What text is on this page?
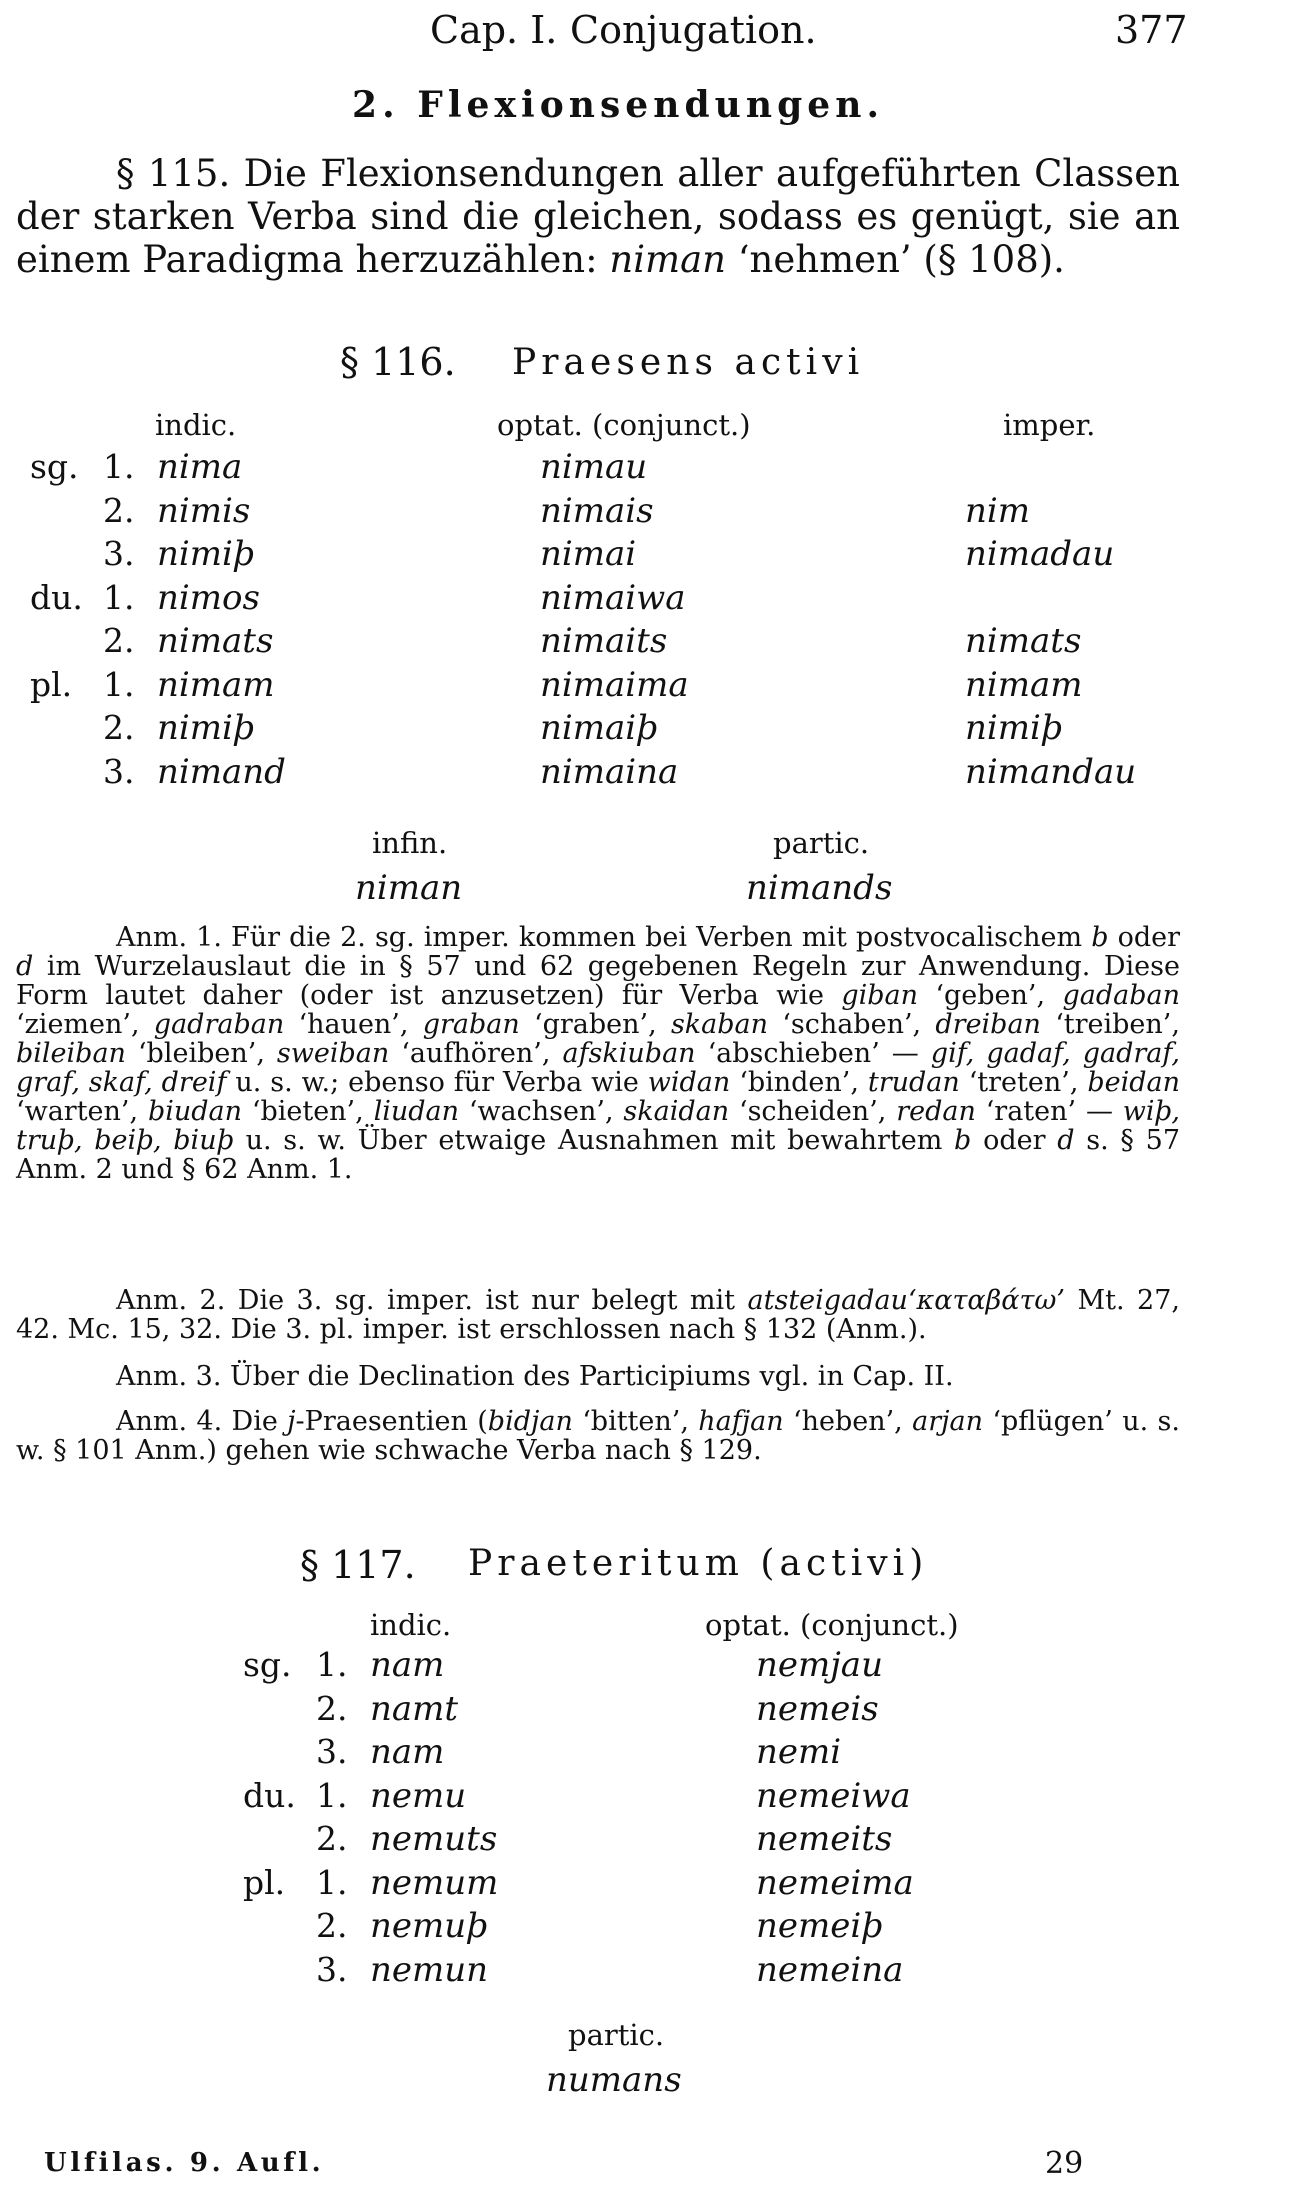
Cap. I. Conjugation.	377
2. Flexionsendungen.
§ 115. Die Flexionsendungen aller aufgeführten Classen der starken Verba sind die gleichen, sodass es genügt, sie an einem Paradigma herzuzählen: niman ‘nehmen’ (§ 108).
§ 116. Praesens activi
indic.	optat. (conjunct.)	imper.
sg. 1. nima	nimau
2. nimis	nimais	nim
3. nimiþ	nimai	nimadau
du. 1. nimos	nimaiwa
2. nimats	nimaits	nimats
pl. 1. nimam	nimaima	nimam
2. nimiþ	nimaiþ	nimiþ
3. nimand	nimaina	nimandau
infin.
niman
partic.
nimands
Anm. 1. Für die 2. sg. imper. kommen bei Verben mit postvocalischem b oder d im Wurzelauslaut die in § 57 und 62 gegebenen Regeln zur Anwendung. Diese Form lautet daher (oder ist anzusetzen) für Verba wie giban ‘geben’, gadaban ‘ziemen’, gadraban ‘hauen’, graban ‘graben’, skaban ‘schaben’, dreiban ‘treiben’, bileiban ‘bleiben’, sweiban ‘aufhören’, afskiuban ‘abschieben’ — gif, gadaf, gadraf, graf, skaf, dreif u. s. w.; ebenso für Verba wie widan ‘binden’, trudan ‘treten’, beidan ‘warten’, biudan ‘bieten’, liudan ‘wachsen’, skaidan ‘scheiden’, redan ‘raten’ — wiþ, truþ, beiþ, biuþ u. s. w. Über etwaige Ausnahmen mit bewahrtem b oder d s. § 57 Anm. 2 und § 62 Anm. 1.
Anm. 2. Die 3. sg. imper. ist nur belegt mit atsteigadau‘καταβάτω’ Mt. 27, 42. Mc. 15, 32. Die 3. pl. imper. ist erschlossen nach § 132 (Anm.).
Anm. 3. Über die Declination des Participiums vgl. in Cap. II.
Anm. 4. Die j-Praesentien (bidjan ‘bitten’, hafjan ‘heben’, arjan ‘pflügen’ u. s. w. § 101 Anm.) gehen wie schwache Verba nach § 129.
§ 117. Praeteritum (activi)
indic.	optat. (conjunct.)
sg. 1. nam	nemjau
2. namt	nemeis
3. nam	nemi
du. 1. nemu	nemeiwa
2. nemuts	nemeits
pl. 1. nemum	nemeima
2. nemuþ	nemeiþ
3. nemun	nemeina
partic.
numans
Ulfilas. 9. Aufl.	29
